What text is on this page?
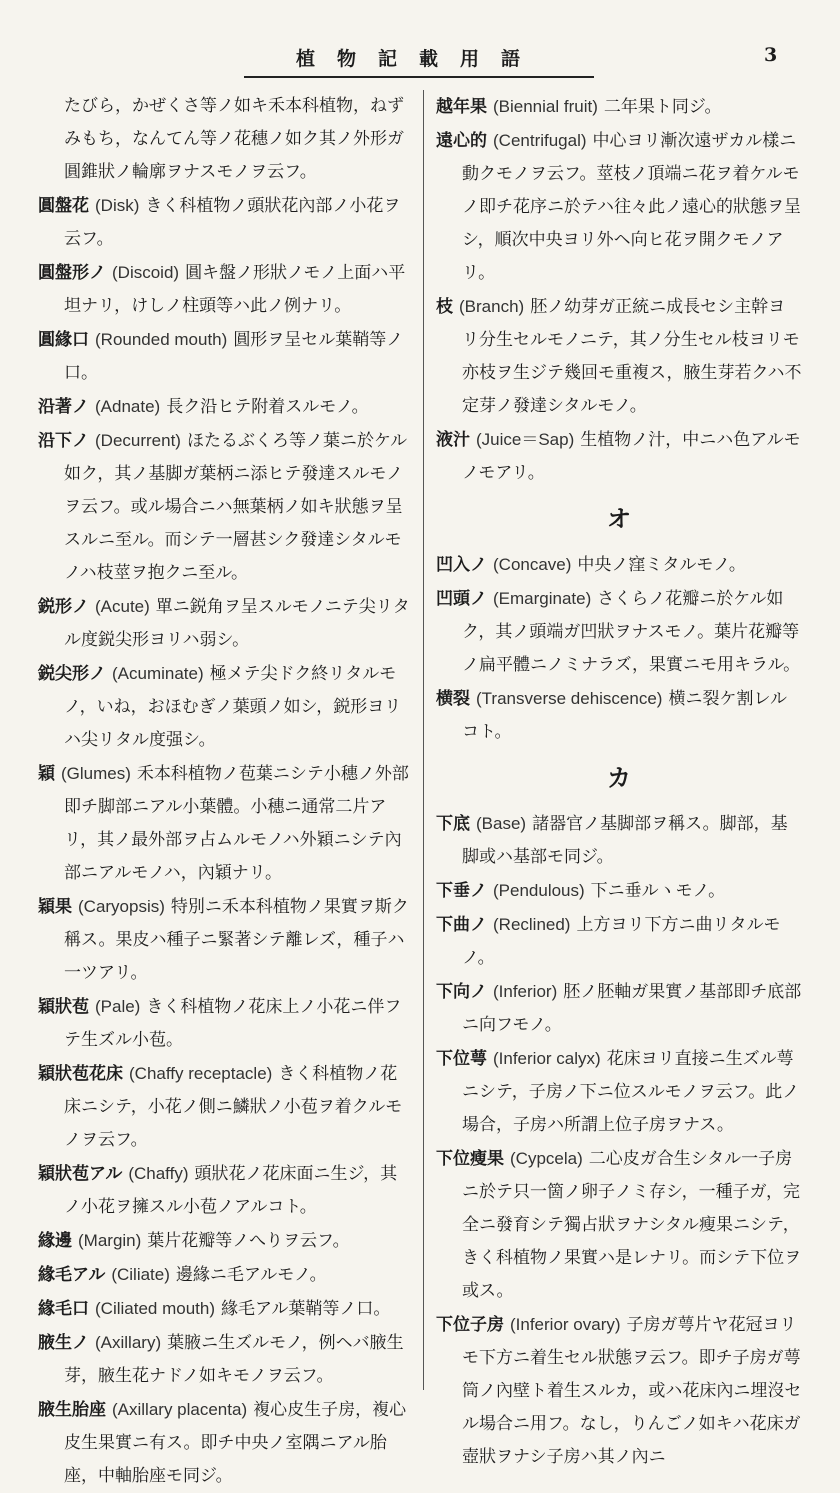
植物記載用語	3
たびら，かぜくさ等ノ如キ禾本科植物，ねずみもち，なんてん等ノ花穗ノ如ク其ノ外形ガ圓錐狀ノ輪廓ヲナスモノヲ云フ。
圓盤花 (Disk) きく科植物ノ頭狀花內部ノ小花ヲ云フ。
圓盤形ノ (Discoid) 圓キ盤ノ形狀ノモノ上面ハ平坦ナリ，けしノ柱頭等ハ此ノ例ナリ。
圓緣口 (Rounded mouth) 圓形ヲ呈セル葉鞘等ノ口。
沿著ノ (Adnate) 長ク沿ヒテ附着スルモノ。
沿下ノ (Decurrent) ほたるぶくろ等ノ葉ニ於ケル如ク，其ノ基脚ガ葉柄ニ添ヒテ發達スルモノヲ云フ。或ル場合ニハ無葉柄ノ如キ狀態ヲ呈スルニ至ル。而シテ一層甚シク發達シタルモノハ枝莖ヲ抱クニ至ル。
鋭形ノ (Acute) 單ニ鋭角ヲ呈スルモノニテ尖リタル度鋭尖形ヨリハ弱シ。
鋭尖形ノ (Acuminate) 極メテ尖ドク終リタルモノ，いね，おほむぎノ葉頭ノ如シ，鋭形ヨリハ尖リタル度强シ。
穎 (Glumes) 禾本科植物ノ苞葉ニシテ小穗ノ外部即チ脚部ニアル小葉體。小穗ニ通常二片アリ，其ノ最外部ヲ占ムルモノハ外穎ニシテ內部ニアルモノハ，內穎ナリ。
穎果 (Caryopsis) 特別ニ禾本科植物ノ果實ヲ斯ク稱ス。果皮ハ種子ニ緊著シテ離レズ，種子ハ一ツアリ。
穎狀苞 (Pale) きく科植物ノ花床上ノ小花ニ伴フテ生ズル小苞。
穎狀苞花床 (Chaffy receptacle) きく科植物ノ花床ニシテ，小花ノ側ニ鱗狀ノ小苞ヲ着クルモノヲ云フ。
穎狀苞アル (Chaffy) 頭狀花ノ花床面ニ生ジ，其ノ小花ヲ擁スル小苞ノアルコト。
緣邊 (Margin) 葉片花瓣等ノへりヲ云フ。
緣毛アル (Ciliate) 邊緣ニ毛アルモノ。
緣毛口 (Ciliated mouth) 緣毛アル葉鞘等ノ口。
腋生ノ (Axillary) 葉腋ニ生ズルモノ，例ヘバ腋生芽，腋生花ナドノ如キモノヲ云フ。
腋生胎座 (Axillary placenta) 複心皮生子房，複心皮生果實ニ有ス。即チ中央ノ室隅ニアル胎座，中軸胎座モ同ジ。
越年果 (Biennial fruit) 二年果ト同ジ。
遠心的 (Centrifugal) 中心ヨリ漸次遠ザカル樣ニ動クモノヲ云フ。莖枝ノ頂端ニ花ヲ着ケルモノ即チ花序ニ於テハ往々此ノ遠心的狀態ヲ呈シ，順次中央ヨリ外ヘ向ヒ花ヲ開クモノアリ。
枝 (Branch) 胚ノ幼芽ガ正統ニ成長セシ主幹ヨリ分生セルモノニテ，其ノ分生セル枝ヨリモ亦枝ヲ生ジテ幾回モ重複ス，腋生芽若クハ不定芽ノ發達シタルモノ。
液汁 (Juice＝Sap) 生植物ノ汁，中ニハ色アルモノモアリ。
オ
凹入ノ (Concave) 中央ノ窪ミタルモノ。
凹頭ノ (Emarginate) さくらノ花瓣ニ於ケル如ク，其ノ頭端ガ凹狀ヲナスモノ。葉片花瓣等ノ扁平體ニノミナラズ，果實ニモ用キラル。
横裂 (Transverse dehiscence) 横ニ裂ケ割レルコト。
カ
下底 (Base) 諸器官ノ基脚部ヲ稱ス。脚部，基脚或ハ基部モ同ジ。
下垂ノ (Pendulous) 下ニ垂ルヽモノ。
下曲ノ (Reclined) 上方ヨリ下方ニ曲リタルモノ。
下向ノ (Inferior) 胚ノ胚軸ガ果實ノ基部即チ底部ニ向フモノ。
下位萼 (Inferior calyx) 花床ヨリ直接ニ生ズル萼ニシテ，子房ノ下ニ位スルモノヲ云フ。此ノ場合，子房ハ所謂上位子房ヲナス。
下位瘦果 (Cypcela) 二心皮ガ合生シタル一子房ニ於テ只一箇ノ卵子ノミ存シ，一種子ガ，完全ニ發育シテ獨占狀ヲナシタル瘦果ニシテ，きく科植物ノ果實ハ是レナリ。而シテ下位ヲ或ス。
下位子房 (Inferior ovary) 子房ガ萼片ヤ花冠ヨリモ下方ニ着生セル狀態ヲ云フ。即チ子房ガ萼筒ノ內壁ト着生スルカ，或ハ花床內ニ埋沒セル場合ニ用フ。なし，りんごノ如キハ花床ガ壺狀ヲナシ子房ハ其ノ內ニ
